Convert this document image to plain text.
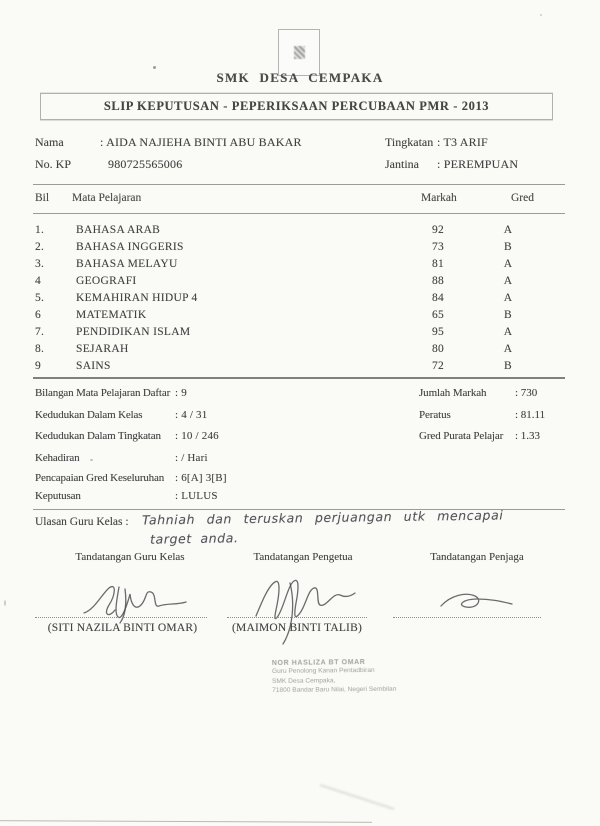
SMK DESA CEMPAKA
SLIP KEPUTUSAN - PEPERIKSAAN PERCUBAAN PMR - 2013
Nama	: AIDA NAJIEHA BINTI ABU BAKAR	Tingkatan : T3 ARIF
No. KP	980725565006	Jantina : PEREMPUAN
Bil Mata Pelajaran	Markah	Gred
1.	BAHASA ARAB	92	A
2.	BAHASA INGGERIS	73	B
3.	BAHASA MELAYU	81	A
4	GEOGRAFI	88	A
5.	KEMAHIRAN HIDUP 4	84	A
6	MATEMATIK	65	B
7.	PENDIDIKAN ISLAM	95	A
8.	SEJARAH	80	A
9	SAINS	72	B
Bilangan Mata Pelajaran Daftar : 9	Jumlah Markah	: 730
Kedudukan Dalam Kelas	: 4 / 31	Peratus	: 81.11
Kedudukan Dalam Tingkatan : 10 / 246	Gred Purata Pelajar : 1.33
Kehadiran	: / Hari
Pencapaian Gred Keseluruhan : 6[A] 3[B]
Keputusan	: LULUS
Ulasan Guru Kelas : Tahniah dan teruskan perjuangan utk mencapai
target anda.
Tandatangan Guru Kelas	Tandatangan Pengetua	Tandatangan Penjaga
(SITI NAZILA BINTI OMAR)	(MAIMON BINTI TALIB)
NOR HASLIZA BT OMAR
Guru Penolong Kanan Pentadbiran
SMK Desa Cempaka,
71800 Bandar Baru Nilai, Negeri Sembilan
